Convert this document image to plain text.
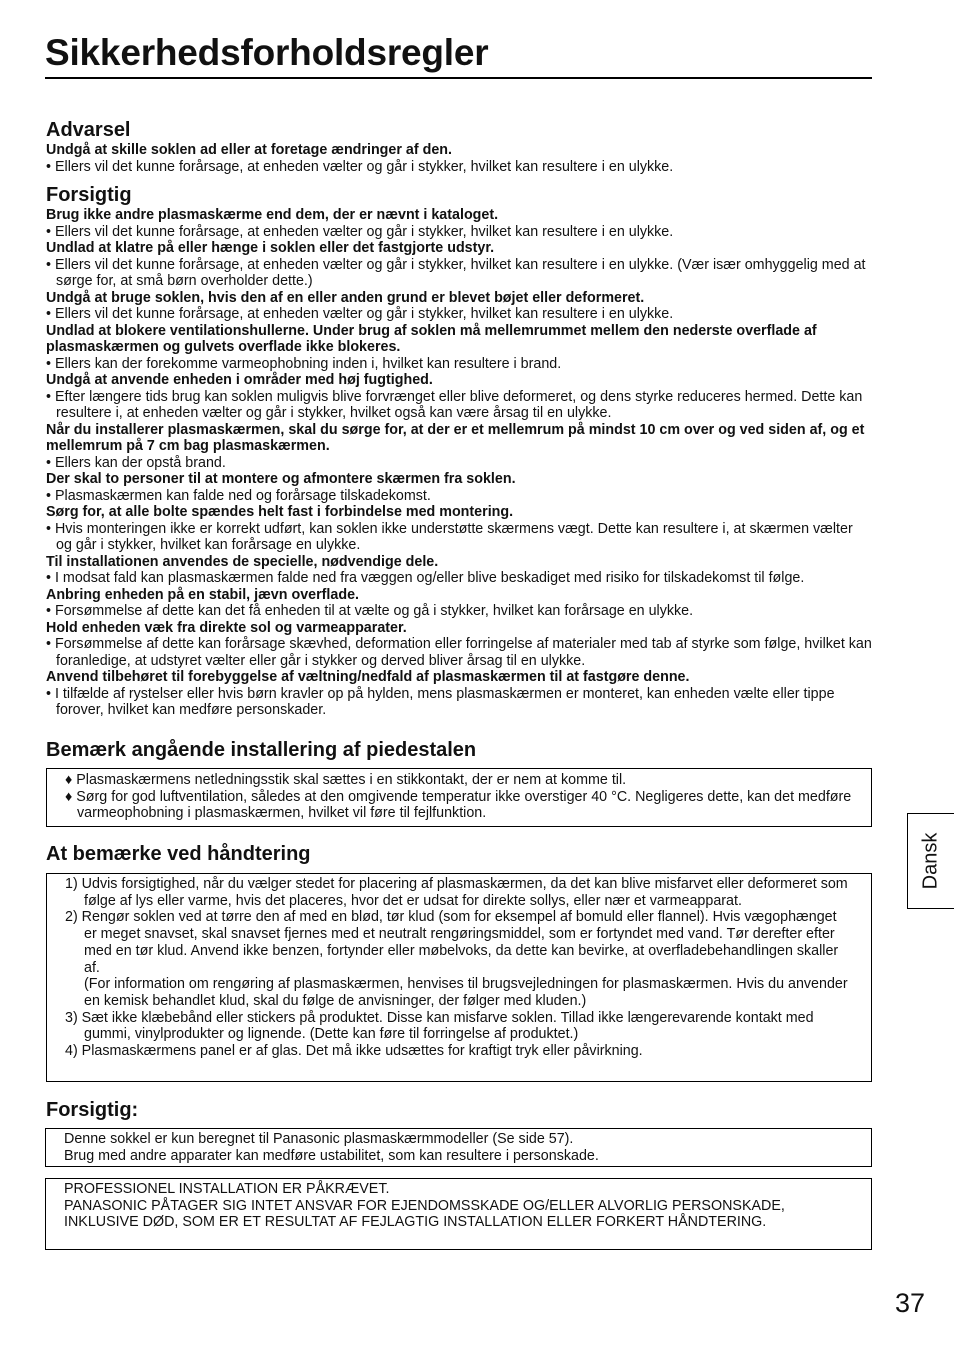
Sikkerhedsforholdsregler
Advarsel
Undgå at skille soklen ad eller at foretage ændringer af den.
• Ellers vil det kunne forårsage, at enheden vælter og går i stykker, hvilket kan resultere i en ulykke.
Forsigtig
Brug ikke andre plasmaskærme end dem, der er nævnt i kataloget.
• Ellers vil det kunne forårsage, at enheden vælter og går i stykker, hvilket kan resultere i en ulykke.
Undlad at klatre på eller hænge i soklen eller det fastgjorte udstyr.
• Ellers vil det kunne forårsage, at enheden vælter og går i stykker, hvilket kan resultere i en ulykke. (Vær især omhyggelig med at sørge for, at små børn overholder dette.)
Undgå at bruge soklen, hvis den af en eller anden grund er blevet bøjet eller deformeret.
• Ellers vil det kunne forårsage, at enheden vælter og går i stykker, hvilket kan resultere i en ulykke.
Undlad at blokere ventilationshullerne. Under brug af soklen må mellemrummet mellem den nederste overflade af plasmaskærmen og gulvets overflade ikke blokeres.
• Ellers kan der forekomme varmeophobning inden i, hvilket kan resultere i brand.
Undgå at anvende enheden i områder med høj fugtighed.
• Efter længere tids brug kan soklen muligvis blive forvrænget eller blive deformeret, og dens styrke reduceres hermed. Dette kan resultere i, at enheden vælter og går i stykker, hvilket også kan være årsag til en ulykke.
Når du installerer plasmaskærmen, skal du sørge for, at der er et mellemrum på mindst 10 cm over og ved siden af, og et mellemrum på 7 cm bag plasmaskærmen.
• Ellers kan der opstå brand.
Der skal to personer til at montere og afmontere skærmen fra soklen.
• Plasmaskærmen kan falde ned og forårsage tilskadekomst.
Sørg for, at alle bolte spændes helt fast i forbindelse med montering.
• Hvis monteringen ikke er korrekt udført, kan soklen ikke understøtte skærmens vægt. Dette kan resultere i, at skærmen vælter og går i stykker, hvilket kan forårsage en ulykke.
Til installationen anvendes de specielle, nødvendige dele.
• I modsat fald kan plasmaskærmen falde ned fra væggen og/eller blive beskadiget med risiko for tilskadekomst til følge.
Anbring enheden på en stabil, jævn overflade.
• Forsømmelse af dette kan det få enheden til at vælte og gå i stykker, hvilket kan forårsage en ulykke.
Hold enheden væk fra direkte sol og varmeapparater.
• Forsømmelse af dette kan forårsage skævhed, deformation eller forringelse af materialer med tab af styrke som følge, hvilket kan foranledige, at udstyret vælter eller går i stykker og derved bliver årsag til en ulykke.
Anvend tilbehøret til forebyggelse af væltning/nedfald af plasmaskærmen til at fastgøre denne.
• I tilfælde af rystelser eller hvis børn kravler op på hylden, mens plasmaskærmen er monteret, kan enheden vælte eller tippe forover, hvilket kan medføre personskader.
Bemærk angående installering af piedestalen
♦ Plasmaskærmens netledningsstik skal sættes i en stikkontakt, der er nem at komme til.
♦ Sørg for god luftventilation, således at den omgivende temperatur ikke overstiger 40 °C. Negligeres dette, kan det medføre varmeophobning i plasmaskærmen, hvilket vil føre til fejlfunktion.
At bemærke ved håndtering
1) Udvis forsigtighed, når du vælger stedet for placering af plasmaskærmen, da det kan blive misfarvet eller deformeret som følge af lys eller varme, hvis det placeres, hvor det er udsat for direkte sollys, eller nær et varmeapparat.
2) Rengør soklen ved at tørre den af med en blød, tør klud (som for eksempel af bomuld eller flannel). Hvis vægophænget er meget snavset, skal snavset fjernes med et neutralt rengøringsmiddel, som er fortyndet med vand. Tør derefter efter med en tør klud. Anvend ikke benzen, fortynder eller møbelvoks, da dette kan bevirke, at overfladebehandlingen skaller af.
(For information om rengøring af plasmaskærmen, henvises til brugsvejledningen for plasmaskærmen. Hvis du anvender en kemisk behandlet klud, skal du følge de anvisninger, der følger med kluden.)
3) Sæt ikke klæbebånd eller stickers på produktet. Disse kan misfarve soklen. Tillad ikke længerevarende kontakt med gummi, vinylprodukter og lignende. (Dette kan føre til forringelse af produktet.)
4) Plasmaskærmens panel er af glas. Det må ikke udsættes for kraftigt tryk eller påvirkning.
Forsigtig:
Denne sokkel er kun beregnet til Panasonic plasmaskærmmodeller (Se side 57).
Brug med andre apparater kan medføre ustabilitet, som kan resultere i personskade.
PROFESSIONEL INSTALLATION ER PÅKRÆVET.
PANASONIC PÅTAGER SIG INTET ANSVAR FOR EJENDOMSSKADE OG/ELLER ALVORLIG PERSONSKADE, INKLUSIVE DØD, SOM ER ET RESULTAT AF FEJLAGTIG INSTALLATION ELLER FORKERT HÅNDTERING.
Dansk
37
